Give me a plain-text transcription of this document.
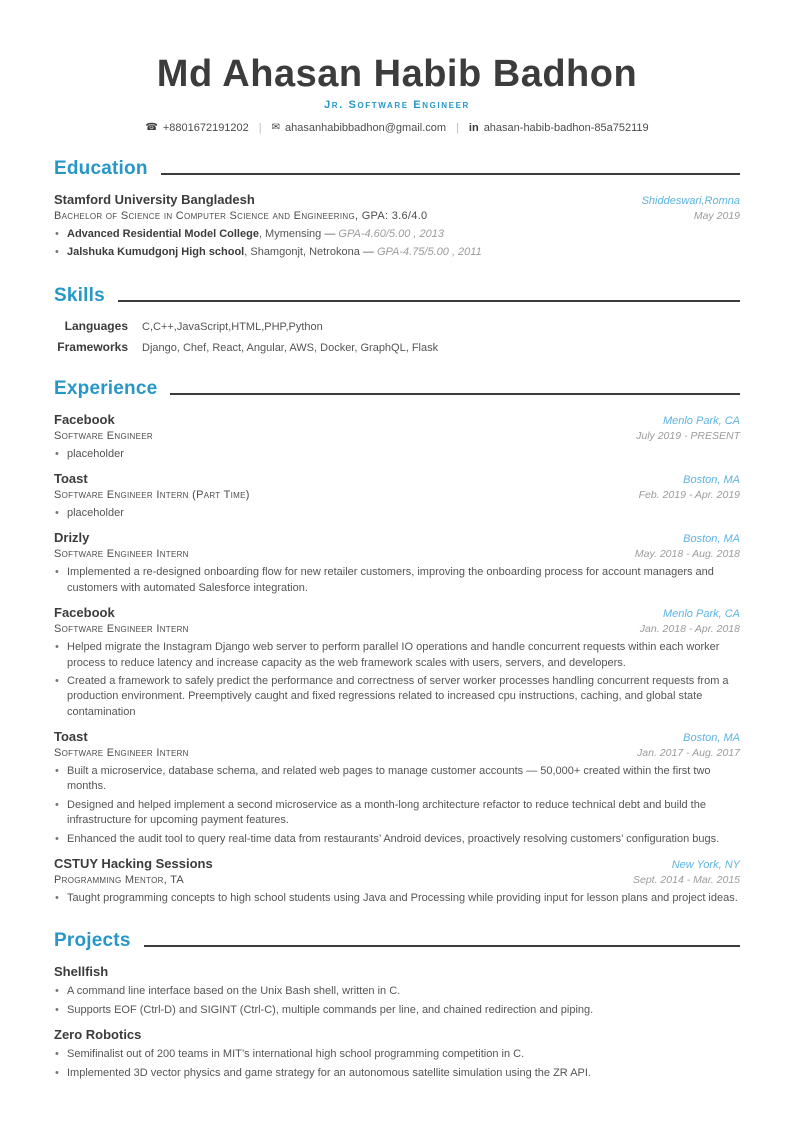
Md Ahasan Habib Badhon
Jr. Software Engineer
☎ +8801672191202 | ✉ ahasanhabibbadhon@gmail.com | in ahasan-habib-badhon-85a752119
Education
Stamford University Bangladesh	Shiddeswari,Romna
Bachelor of Science in Computer Science and Engineering, GPA: 3.6/4.0	May 2019
• Advanced Residential Model College, Mymensing — GPA-4.60/5.00 , 2013
• Jalshuka Kumudgonj High school, Shamgonjt, Netrokona — GPA-4.75/5.00 , 2011
Skills
Languages C,C++,JavaScript,HTML,PHP,Python
Frameworks Django, Chef, React, Angular, AWS, Docker, GraphQL, Flask
Experience
Facebook	Menlo Park, CA
Software Engineer	July 2019 - PRESENT
• placeholder
Toast	Boston, MA
Software Engineer Intern (Part Time)	Feb. 2019 - Apr. 2019
• placeholder
Drizly	Boston, MA
Software Engineer Intern	May. 2018 - Aug. 2018
• Implemented a re-designed onboarding flow for new retailer customers, improving the onboarding process for account managers and customers with automated Salesforce integration.
Facebook	Menlo Park, CA
Software Engineer Intern	Jan. 2018 - Apr. 2018
• Helped migrate the Instagram Django web server to perform parallel IO operations and handle concurrent requests within each worker process to reduce latency and increase capacity as the web framework scales with users, servers, and developers.
• Created a framework to safely predict the performance and correctness of server worker processes handling concurrent requests from a production environment. Preemptively caught and fixed regressions related to increased cpu instructions, caching, and global state contamination
Toast	Boston, MA
Software Engineer Intern	Jan. 2017 - Aug. 2017
• Built a microservice, database schema, and related web pages to manage customer accounts — 50,000+ created within the first two months.
• Designed and helped implement a second microservice as a month-long architecture refactor to reduce technical debt and build the infrastructure for upcoming payment features.
• Enhanced the audit tool to query real-time data from restaurants’ Android devices, proactively resolving customers’ configuration bugs.
CSTUY Hacking Sessions	New York, NY
Programming Mentor, TA	Sept. 2014 - Mar. 2015
• Taught programming concepts to high school students using Java and Processing while providing input for lesson plans and project ideas.
Projects
Shellfish
• A command line interface based on the Unix Bash shell, written in C.
• Supports EOF (Ctrl-D) and SIGINT (Ctrl-C), multiple commands per line, and chained redirection and piping.
Zero Robotics
• Semifinalist out of 200 teams in MIT’s international high school programming competition in C.
• Implemented 3D vector physics and game strategy for an autonomous satellite simulation using the ZR API.
